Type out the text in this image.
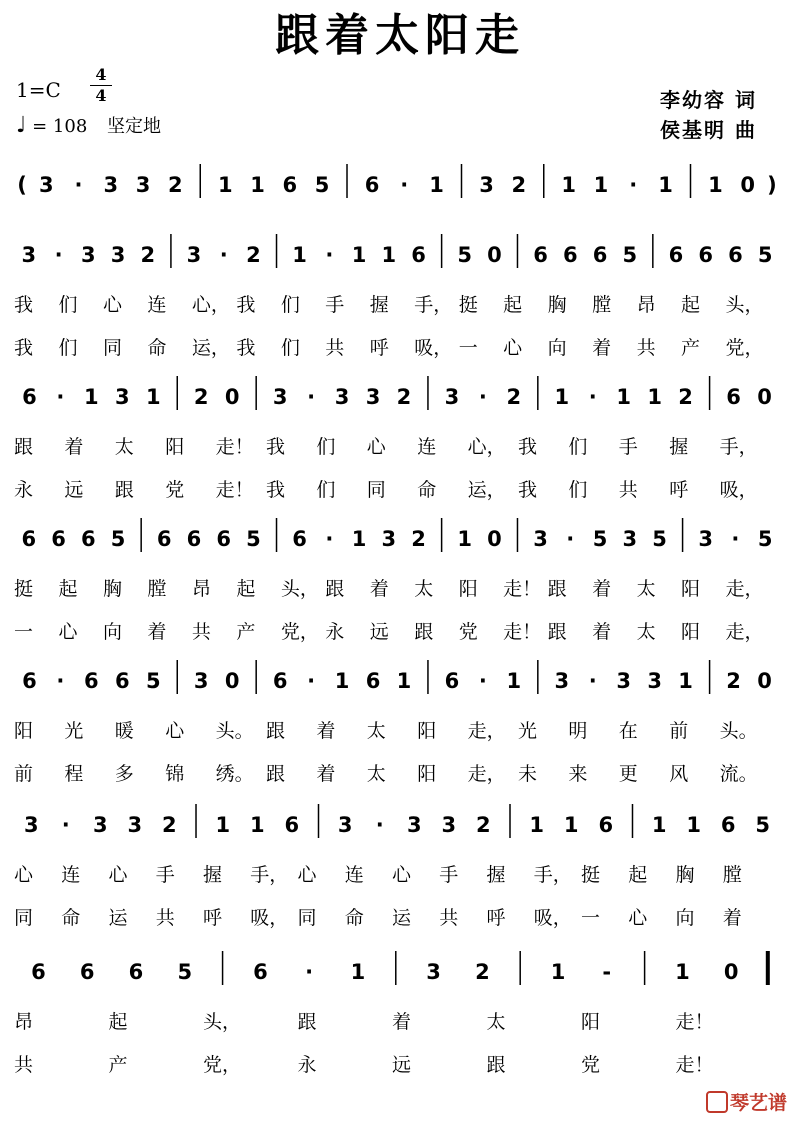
跟着太阳走
1=C
4
4
♩ = 108 坚定地
李幼容 词
侯基明 曲
( 3 · 3 3 2 1 1 6 5 6 · 1 3 2 1 1 · 1 1 0 )
3 · 3 3 2 3 · 2 1 · 1 1 6 5 0 6 6 6 5 6 6 6 5
我 们 心 连 心， 我 们 手 握 手， 挺 起 胸 膛 昂 起 头，
我 们 同 命 运， 我 们 共 呼 吸， 一 心 向 着 共 产 党，
6 · 1 3 1 2 0 3 · 3 3 2 3 · 2 1 · 1 1 2 6 0
跟 着 太 阳 走！ 我 们 心 连 心， 我 们 手 握 手，
永 远 跟 党 走！ 我 们 同 命 运， 我 们 共 呼 吸，
6 6 6 5 6 6 6 5 6 · 1 3 2 1 0 3 · 5 3 5 3 · 5
挺 起 胸 膛 昂 起 头， 跟 着 太 阳 走！ 跟 着 太 阳 走，
一 心 向 着 共 产 党， 永 远 跟 党 走！ 跟 着 太 阳 走，
6 · 6 6 5 3 0 6 · 1 6 1 6 · 1 3 · 3 3 1 2 0
阳 光 暖 心 头。 跟 着 太 阳 走， 光 明 在 前 头。
前 程 多 锦 绣。 跟 着 太 阳 走， 未 来 更 风 流。
3 · 3 3 2 1 1 6 3 · 3 3 2 1 1 6 1 1 6 5
心 连 心 手 握 手， 心 连 心 手 握 手， 挺 起 胸 膛
同 命 运 共 呼 吸， 同 命 运 共 呼 吸， 一 心 向 着
6 6 6 5	6 · 1	3 2	1 -	1 0
昂	起	头，	跟	着	太	阳	走！
共	产	党，	永	远	跟	党	走！
琴艺谱
